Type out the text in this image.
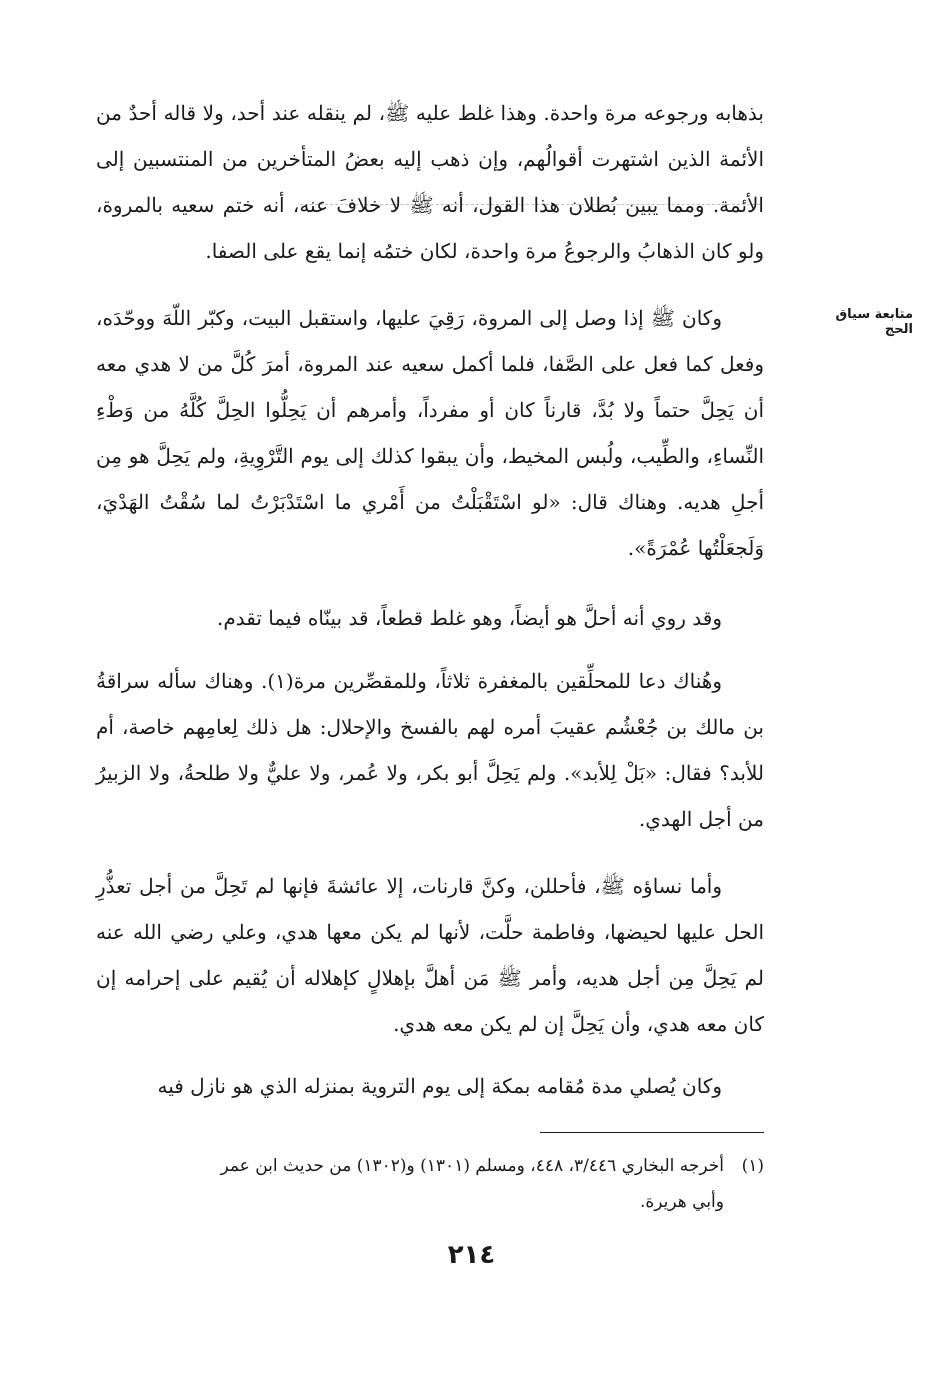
متابعة سياق الحج

بذهابه ورجوعه مرة واحدة. وهذا غلط عليه ﷺ، لم ينقله عند أحد، ولا قاله أحدٌ من الأئمة الذين اشتهرت أقوالُهم، وإن ذهب إليه بعضُ المتأخرين من المنتسبين إلى الأئمة. ومما يبين بُطلان هذا القول، أنه ﷺ لا خلافَ عنه، أنه ختم سعيه بالمروة، ولو كان الذهابُ والرجوعُ مرة واحدة، لكان ختمُه إنما يقع على الصفا.

وكان ﷺ إذا وصل إلى المروة، رَقِيَ عليها، واستقبل البيت، وكبّر اللّهَ ووحّدَه، وفعل كما فعل على الصَّفا، فلما أكمل سعيه عند المروة، أمرَ كُلَّ من لا هدي معه أن يَحِلَّ حتماً ولا بُدَّ، قارناً كان أو مفرداً، وأمرهم أن يَحِلُّوا الحِلَّ كُلَّهُ من وَطْءِ النِّساءِ، والطِّيب، ولُبس المخيط، وأن يبقوا كذلك إلى يوم التَّرْوِيةِ، ولم يَحِلَّ هو مِن أجلِ هديه. وهناك قال: «لو اسْتَقْبَلْتُ من أَمْري ما اسْتَدْبَرْتُ لما سُقْتُ الهَدْيَ، وَلَجعَلْتُها عُمْرَةً».

وقد روي أنه أحلَّ هو أيضاً، وهو غلط قطعاً، قد بينّاه فيما تقدم.

وهُناك دعا للمحلِّقين بالمغفرة ثلاثاً، وللمقصِّرين مرة(١). وهناك سأله سراقةُ بن مالك بن جُعْشُم عقيبَ أمره لهم بالفسخ والإحلال: هل ذلك لِعامِهم خاصة، أم للأبد؟ فقال: «بَلْ لِلأبد». ولم يَحِلَّ أبو بكر، ولا عُمر، ولا عليٌّ ولا طلحةُ، ولا الزبيرُ من أجل الهدي.

وأما نساؤه ﷺ، فأحللن، وكنَّ قارنات، إلا عائشةَ فإنها لم تَحِلَّ من أجل تعذُّرِ الحل عليها لحيضها، وفاطمة حلَّت، لأنها لم يكن معها هدي، وعلي رضي الله عنه لم يَحِلَّ مِن أجل هديه، وأمر ﷺ مَن أهلَّ بإهلالٍ كإهلاله أن يُقيم على إحرامه إن كان معه هدي، وأن يَحِلَّ إن لم يكن معه هدي.

وكان يُصلي مدة مُقامه بمكة إلى يوم التروية بمنزله الذي هو نازل فيه

(١)أخرجه البخاري ٣/٤٤٦، ٤٤٨، ومسلم (١٣٠١) و(١٣٠٢) من حديث ابن عمر
وأبي هريرة.
٢١٤
